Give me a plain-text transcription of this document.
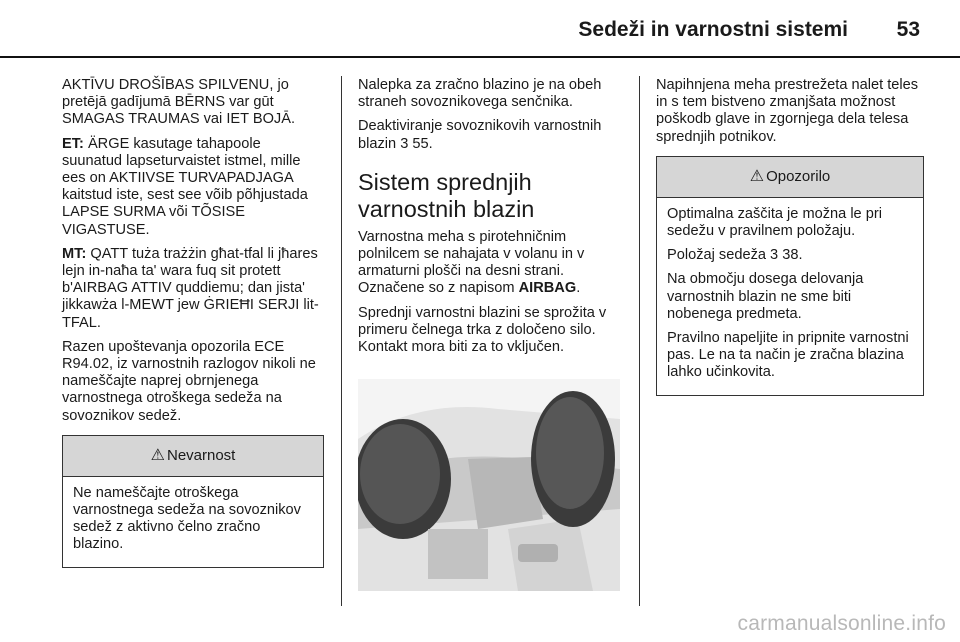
Sedeži in varnostni sistemi 53

AKTĪVU DROŠĪBAS SPILVENU, jo pretējā gadījumā BĒRNS var gūt SMAGAS TRAUMAS vai IET BOJĀ.

ET: ÄRGE kasutage tahapoole suunatud lapseturvaistet istmel, mille ees on AKTIIVSE TURVAPADJAGA kaitstud iste, sest see võib põhjustada LAPSE SURMA või TÕSISE VIGASTUSE.

MT: QATT tuża trażżin għat-tfal li jħares lejn in-naħa ta' wara fuq sit protett b'AIRBAG ATTIV quddiemu; dan jista' jikkawża l-MEWT jew ĠRIEĦI SERJI lit-TFAL.

Razen upoštevanja opozorila ECE R94.02, iz varnostnih razlogov nikoli ne nameščajte naprej obrnjenega varnostnega otroškega sedeža na sovoznikov sedež.

⚠ Nevarnost

Ne nameščajte otroškega varnostnega sedeža na sovoznikov sedež z aktivno čelno zračno blazino.

Nalepka za zračno blazino je na obeh straneh sovoznikovega senčnika.

Deaktiviranje sovoznikovih varnostnih blazin 3 55.

Sistem sprednjih varnostnih blazin

Varnostna meha s pirotehničnim polnilcem se nahajata v volanu in v armaturni plošči na desni strani. Označene so z napisom AIRBAG.

Sprednji varnostni blazini se sprožita v primeru čelnega trka z določeno silo. Kontakt mora biti za to vključen.

Napihnjena meha prestrežeta nalet teles in s tem bistveno zmanjšata možnost poškodb glave in zgornjega dela telesa sprednjih potnikov.

⚠ Opozorilo

Optimalna zaščita je možna le pri sedežu v pravilnem položaju.

Položaj sedeža 3 38.

Na območju dosega delovanja varnostnih blazin ne sme biti nobenega predmeta.

Pravilno napeljite in pripnite varnostni pas. Le na ta način je zračna blazina lahko učinkovita.

carmanualsonline.info
